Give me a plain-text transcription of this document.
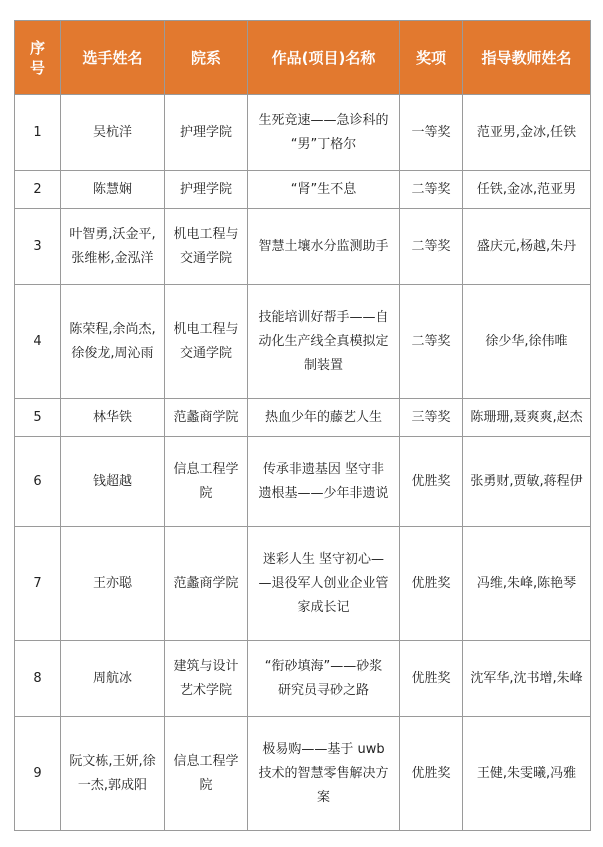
序号	选手姓名	院系	作品(项目)名称	奖项	指导教师姓名
1	吴杭洋	护理学院	生死竞速——急诊科的
“男”丁格尔	一等奖	范亚男,金冰,任铁
2	陈慧娴	护理学院	“肾”生不息	二等奖	任铁,金冰,范亚男
3	叶智勇,沃金平,
张维彬,金泓洋	机电工程与
交通学院	智慧土壤水分监测助手	二等奖	盛庆元,杨越,朱丹
4	陈荣程,余尚杰,
徐俊龙,周沁雨	机电工程与
交通学院	技能培训好帮手——自
动化生产线全真模拟定
制装置	二等奖	徐少华,徐伟唯
5	林华铁	范蠡商学院	热血少年的藤艺人生	三等奖	陈珊珊,聂爽爽,赵杰
6	钱超越	信息工程学
院	传承非遗基因 坚守非
遗根基——少年非遗说	优胜奖	张勇财,贾敏,蒋程伊
7	王亦聪	范蠡商学院	迷彩人生 坚守初心—
—退役军人创业企业管
家成长记	优胜奖	冯维,朱峰,陈艳琴
8	周航冰	建筑与设计
艺术学院	“衔砂填海”——砂浆
研究员寻砂之路	优胜奖	沈军华,沈书增,朱峰
9	阮文栋,王妍,徐
一杰,郭成阳	信息工程学
院	极易购——基于 uwb
技术的智慧零售解决方
案	优胜奖	王健,朱雯曦,冯雅
